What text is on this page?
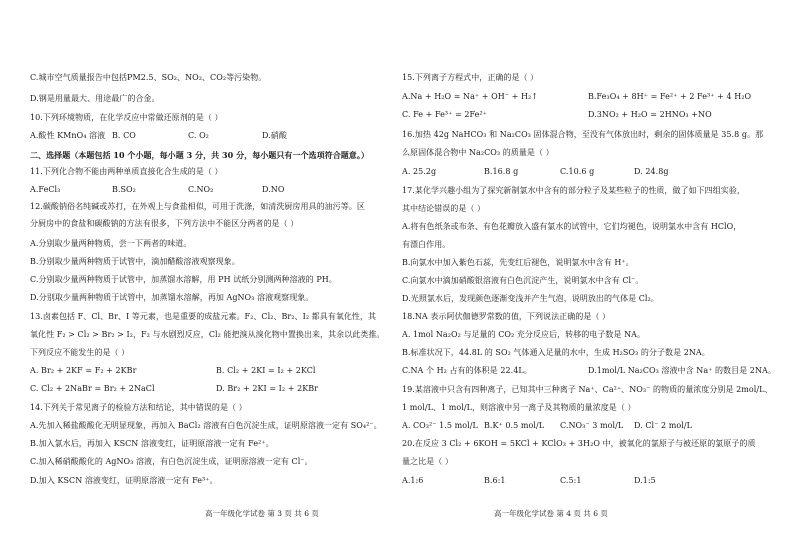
C.城市空气质量报告中包括PM2.5、SO₂、NO₂、CO₂等污染物。
D.钢是用量最大、用途最广的合金。
10.下列环境物质，在化学反应中常做还原剂的是（ ）
二、选择题（本题包括 10 个小题，每小题 3 分，共 30 分，每小题只有一个选项符合题意。）
11.下列化合物不能由两种单质直接化合生成的是（ ）
12.碳酸钠俗名纯碱或苏打，在外观上与食盐相似，可用于洗涤，如清洗厨房用具的油污等。区
分厨房中的食盐和碳酸钠的方法有很多，下列方法中不能区分两者的是（ ）
A.分别取少量两种物质，尝一下两者的味道。
B.分别取少量两种物质于试管中，滴加醋酸溶液观察现象。
C.分别取少量两种物质于试管中，加蒸馏水溶解，用 PH 试纸分别测两种溶液的 PH。
D.分别取少量两种物质于试管中，加蒸馏水溶解，再加 AgNO₃ 溶液观察现象。
13.卤素包括 F、Cl、Br、I 等元素，也是重要的成盐元素。F₂、Cl₂、Br₂、I₂ 都具有氧化性，其
氧化性 F₂ > Cl₂ > Br₂ > I₂，F₂ 与水剧烈反应，Cl₂ 能把溴从溴化物中置换出来，其余以此类推。
下列反应不能发生的是（ ）
14.下列关于常见离子的检验方法和结论，其中错误的是（ ）
A.先加入稀盐酸酸化无明显现象，再加入 BaCl₂ 溶液有白色沉淀生成，证明原溶液一定有 SO₄²⁻。
B.加入氯水后，再加入 KSCN 溶液变红，证明原溶液一定有 Fe²⁺。
C.加入稀硝酸酸化的 AgNO₃ 溶液，有白色沉淀生成，证明原溶液一定有 Cl⁻。
D.加入 KSCN 溶液变红，证明原溶液一定有 Fe³⁺。
A.酸性 KMnO₄ 溶液 B. CO	C. O₂	D.硝酸
A.FeCl₃	B.SO₂	C.NO₂	D.NO
A. Br₂ + 2KF = F₂ + 2KBr	B. Cl₂ + 2KI = I₂ + 2KCl
C. Cl₂ + 2NaBr = Br₂ + 2NaCl	D. Br₂ + 2KI = I₂ + 2KBr
高一年级化学试卷 第 3 页 共 6 页
15.下列离子方程式中，正确的是（ ）
16.加热 42g NaHCO₃ 和 Na₂CO₃ 固体混合物，至没有气体放出时，剩余的固体质量是 35.8 g。那
么原固体混合物中 Na₂CO₃ 的质量是（ ）
17.某化学兴趣小组为了探究新制氯水中含有的部分粒子及某些粒子的性质，做了如下四组实验，
其中结论错误的是（ ）
A.将有色纸条或布条、有色花瓣放入盛有氯水的试管中，它们均褪色，说明氯水中含有 HClO，
有漂白作用。
B.向氯水中加入紫色石蕊，先变红后褪色，说明氯水中含有 H⁺。
C.向氯水中滴加硝酸银溶液有白色沉淀产生，说明氯水中含有 Cl⁻。
D.光照氯水后，发现颜色逐渐变浅并产生气泡，说明放出的气体是 Cl₂。
18.NA 表示阿伏伽德罗常数的值，下列说法正确的是（ ）
A. 1mol Na₂O₂ 与足量的 CO₂ 充分反应后，转移的电子数是 NA。
B.标准状况下，44.8L 的 SO₂ 气体通入足量的水中，生成 H₂SO₃ 的分子数是 2NA。
19.某溶液中只含有四种离子，已知其中三种离子 Na⁺、Ca²⁺、NO₃⁻ 的物质的量浓度分别是 2mol/L、
1 mol/L、1 mol/L，则溶液中另一离子及其物质的量浓度是（ ）
20.在反应 3 Cl₂ + 6KOH = 5KCl + KClO₃ + 3H₂O 中，被氧化的氯原子与被还原的氯原子的质
量之比是（ ）
A.Na + H₂O = Na⁺ + OH⁻ + H₂↑	B.Fe₃O₄ + 8H⁺ = Fe²⁺ + 2 Fe³⁺ + 4 H₂O
C. Fe + Fe³⁺ = 2Fe²⁺	D.3NO₂ + H₂O = 2HNO₃ +NO
A. 25.2g	B.16.8 g	C.10.6 g	D. 24.8g
C.NA 个 H₂ 占有的体积是 22.4L。	D.1mol/L Na₂CO₃ 溶液中含 Na⁺ 的数目是 2NA。
A. CO₃²⁻ 1.5 mol/L B.K⁺ 0.5 mol/L C.NO₃⁻ 3 mol/L D. Cl⁻ 2 mol/L
A.1:6	B.6:1	C.5:1	D.1:5
高一年级化学试卷 第 4 页 共 6 页
